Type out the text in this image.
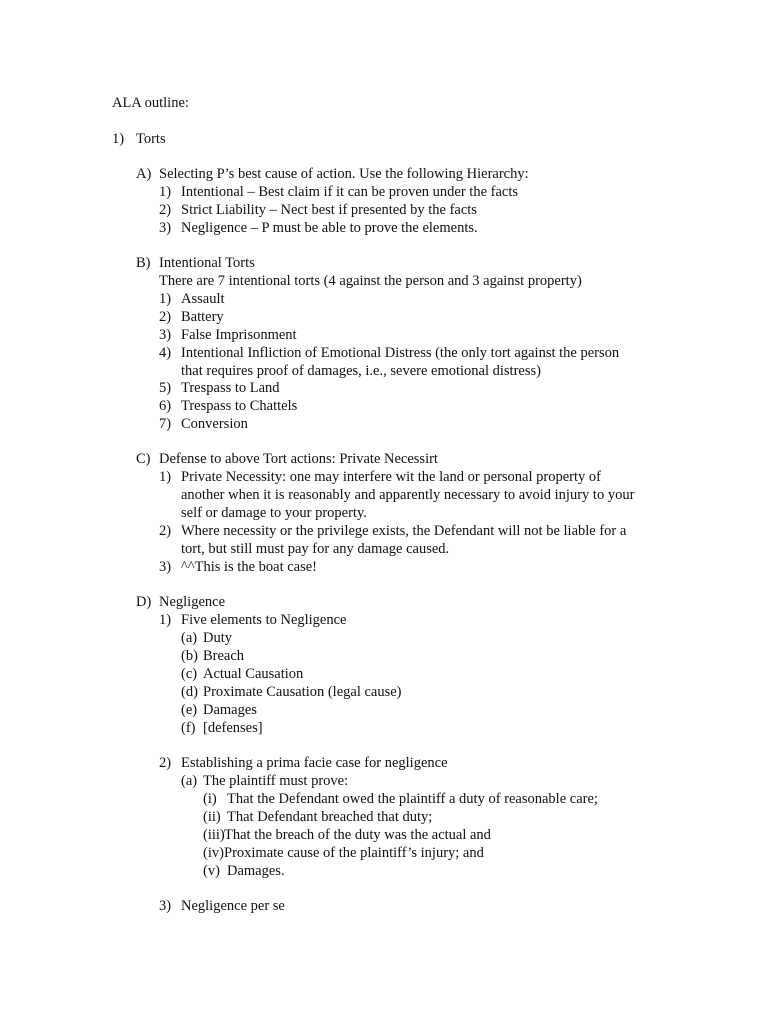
ALA outline:
1) Torts
A) Selecting P’s best cause of action. Use the following Hierarchy:
1) Intentional – Best claim if it can be proven under the facts
2) Strict Liability – Nect best if presented by the facts
3) Negligence – P must be able to prove the elements.
B) Intentional Torts
There are 7 intentional torts (4 against the person and 3 against property)
1) Assault
2) Battery
3) False Imprisonment
4) Intentional Infliction of Emotional Distress (the only tort against the person
that requires proof of damages, i.e., severe emotional distress)
5) Trespass to Land
6) Trespass to Chattels
7) Conversion
C) Defense to above Tort actions: Private Necessirt
1) Private Necessity: one may interfere wit the land or personal property of
another when it is reasonably and apparently necessary to avoid injury to your
self or damage to your property.
2) Where necessity or the privilege exists, the Defendant will not be liable for a
tort, but still must pay for any damage caused.
3) ^^This is the boat case!
D) Negligence
1) Five elements to Negligence
(a) Duty
(b) Breach
(c) Actual Causation
(d) Proximate Causation (legal cause)
(e) Damages
(f) [defenses]
2) Establishing a prima facie case for negligence
(a) The plaintiff must prove:
(i) That the Defendant owed the plaintiff a duty of reasonable care;
(ii) That Defendant breached that duty;
(iii) That the breach of the duty was the actual and
(iv) Proximate cause of the plaintiff’s injury; and
(v) Damages.
3) Negligence per se
